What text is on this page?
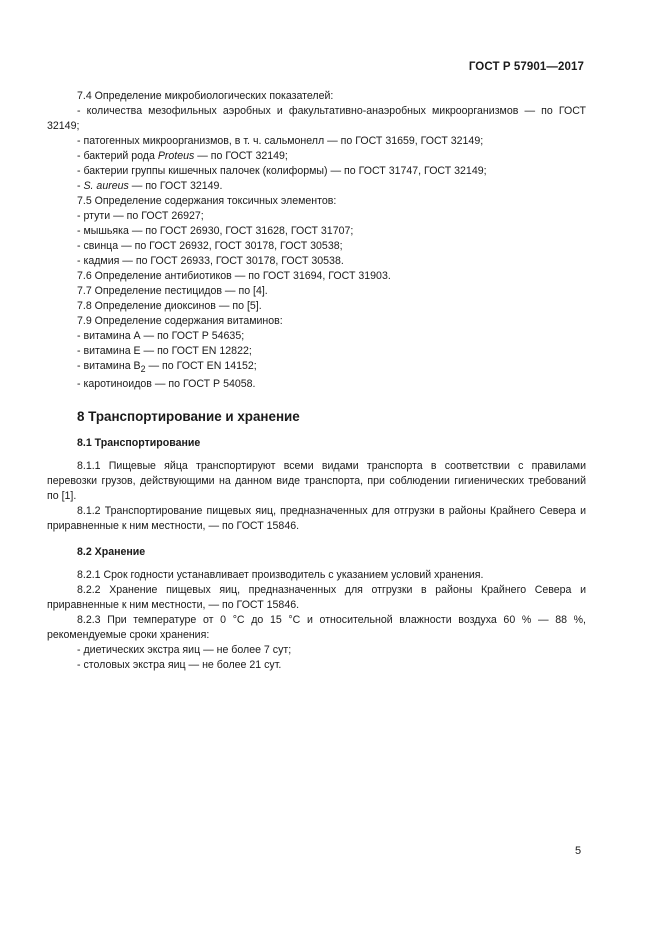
ГОСТ Р 57901—2017

7.4 Определение микробиологических показателей:

- количества мезофильных аэробных и факультативно-анаэробных микроорганизмов — по ГОСТ 32149;

- патогенных микроорганизмов, в т. ч. сальмонелл — по ГОСТ 31659, ГОСТ 32149;

- бактерий рода Proteus — по ГОСТ 32149;

- бактерии группы кишечных палочек (колиформы) — по ГОСТ 31747, ГОСТ 32149;

- S. aureus — по ГОСТ 32149.

7.5 Определение содержания токсичных элементов:

- ртути — по ГОСТ 26927;

- мышьяка — по ГОСТ 26930, ГОСТ 31628, ГОСТ 31707;

- свинца — по ГОСТ 26932, ГОСТ 30178, ГОСТ 30538;

- кадмия — по ГОСТ 26933, ГОСТ 30178, ГОСТ 30538.

7.6 Определение антибиотиков — по ГОСТ 31694, ГОСТ 31903.

7.7 Определение пестицидов — по [4].

7.8 Определение диоксинов — по [5].

7.9 Определение содержания витаминов:

- витамина А — по ГОСТ Р 54635;

- витамина Е — по ГОСТ EN 12822;

- витамина $В_2$ — по ГОСТ EN 14152;

- каротиноидов — по ГОСТ Р 54058.

8 Транспортирование и хранение

8.1 Транспортирование

8.1.1 Пищевые яйца транспортируют всеми видами транспорта в соответствии с правилами перевозки грузов, действующими на данном виде транспорта, при соблюдении гигиенических требований по [1].

8.1.2 Транспортирование пищевых яиц, предназначенных для отгрузки в районы Крайнего Севера и приравненные к ним местности, — по ГОСТ 15846.

8.2 Хранение

8.2.1 Срок годности устанавливает производитель с указанием условий хранения.

8.2.2 Хранение пищевых яиц, предназначенных для отгрузки в районы Крайнего Севера и приравненные к ним местности, — по ГОСТ 15846.

8.2.3 При температуре от 0 °С до 15 °С и относительной влажности воздуха 60 % — 88 %, рекомендуемые сроки хранения:

- диетических экстра яиц — не более 7 сут;

- столовых экстра яиц — не более 21 сут.

5
